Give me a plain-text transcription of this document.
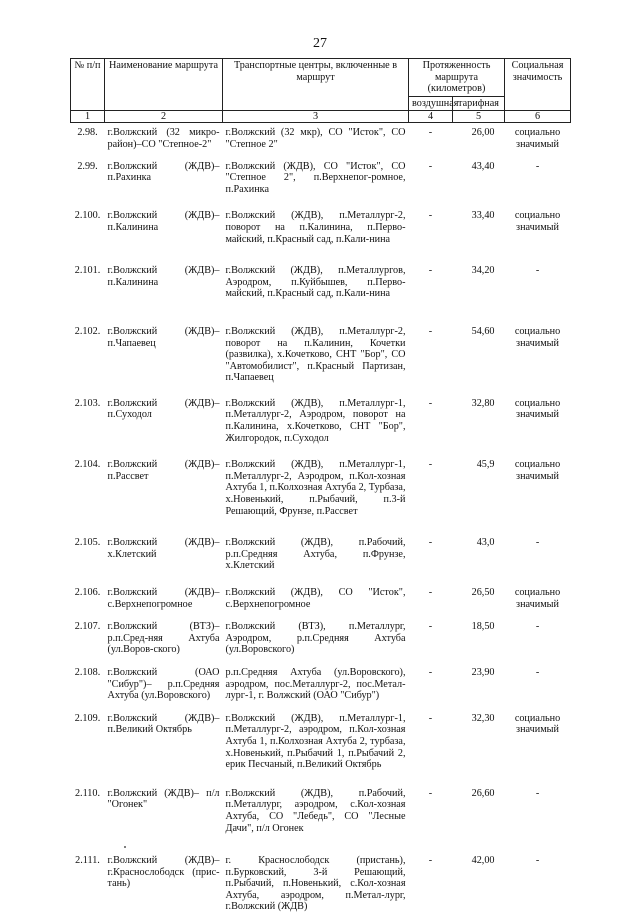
27
№ п/п	Наименование маршрута	Транспортные центры, включенные в маршрут	Протяженность маршрута (километров)		Социальная значимость
			воздушная	тарифная	
1	2	3	4	5	6
2.98.	г.Волжский (32 микро-район)–СО "Степное-2"	г.Волжский (32 мкр), СО "Исток", СО "Степное 2"	-	26,00	социально значимый
2.99.	г.Волжский (ЖДВ)– п.Рахинка	г.Волжский (ЖДВ), СО "Исток", СО "Степное 2", п.Верхнепог-ромное, п.Рахинка	-	43,40	-
2.100.	г.Волжский (ЖДВ)– п.Калинина	г.Волжский (ЖДВ), п.Металлург-2, поворот на п.Калинина, п.Перво-майский, п.Красный сад, п.Кали-нина	-	33,40	социально значимый
2.101.	г.Волжский (ЖДВ)– п.Калинина	г.Волжский (ЖДВ), п.Металлургов, Аэродром, п.Куйбышев, п.Перво-майский, п.Красный сад, п.Кали-нина	-	34,20	-
2.102.	г.Волжский (ЖДВ)– п.Чапаевец	г.Волжский (ЖДВ), п.Металлург-2, поворот на п.Калинин, Кочетки (развилка), х.Кочетково, СНТ "Бор", СО "Автомобилист", п.Красный Партизан, п.Чапаевец	-	54,60	социально значимый
2.103.	г.Волжский (ЖДВ)– п.Суходол	г.Волжский (ЖДВ), п.Металлург-1, п.Металлург-2, Аэродром, поворот на п.Калинина, х.Кочетково, СНТ "Бор", Жилгородок, п.Суходол	-	32,80	социально значимый
2.104.	г.Волжский (ЖДВ)– п.Рассвет	г.Волжский (ЖДВ), п.Металлург-1, п.Металлург-2, Аэродром, п.Кол-хозная Ахтуба 1, п.Колхозная Ахтуба 2, Турбаза, х.Новенький, п.Рыбачий, п.3-й Решающий, Фрунзе, п.Рассвет	-	45,9	социально значимый
2.105.	г.Волжский (ЖДВ)– х.Клетский	г.Волжский (ЖДВ), п.Рабочий, р.п.Средняя Ахтуба, п.Фрунзе, х.Клетский	-	43,0	-
2.106.	г.Волжский (ЖДВ)– с.Верхнепогромное	г.Волжский (ЖДВ), СО "Исток", с.Верхнепогромное	-	26,50	социально значимый
2.107.	г.Волжский (ВТЗ)–р.п.Сред-няя Ахтуба (ул.Воров-ского)	г.Волжский (ВТЗ), п.Металлург, Аэродром, р.п.Средняя Ахтуба (ул.Воровского)	-	18,50	-
2.108.	г.Волжский (ОАО "Сибур")– р.п.Средняя Ахтуба (ул.Воровского)	р.п.Средняя Ахтуба (ул.Воровского), аэродром, пос.Металлург-2, пос.Метал-лург-1, г. Волжский (ОАО "Сибур")	-	23,90	-
2.109.	г.Волжский (ЖДВ)– п.Великий Октябрь	г.Волжский (ЖДВ), п.Металлург-1, п.Металлург-2, аэродром, п.Кол-хозная Ахтуба 1, п.Колхозная Ахтуба 2, турбаза, х.Новенький, п.Рыбачий 1, п.Рыбачий 2, ерик Песчаный, п.Великий Октябрь	-	32,30	социально значимый
2.110.	г.Волжский (ЖДВ)– п/л "Огонек"	г.Волжский (ЖДВ), п.Рабочий, п.Металлург, аэродром, с.Кол-хозная Ахтуба, СО "Лебедь", СО "Лесные Дачи", п/л Огонек	-	26,60	-
2.111.	г.Волжский (ЖДВ)– г.Краснослободск (прис-тань)	г. Краснослободск (пристань), п.Бурковский, 3-й Решающий, п.Рыбачий, п.Новенький, с.Кол-хозная Ахтуба, аэродром, п.Метал-лург, г.Волжский (ЖДВ)	-	42,00	-
